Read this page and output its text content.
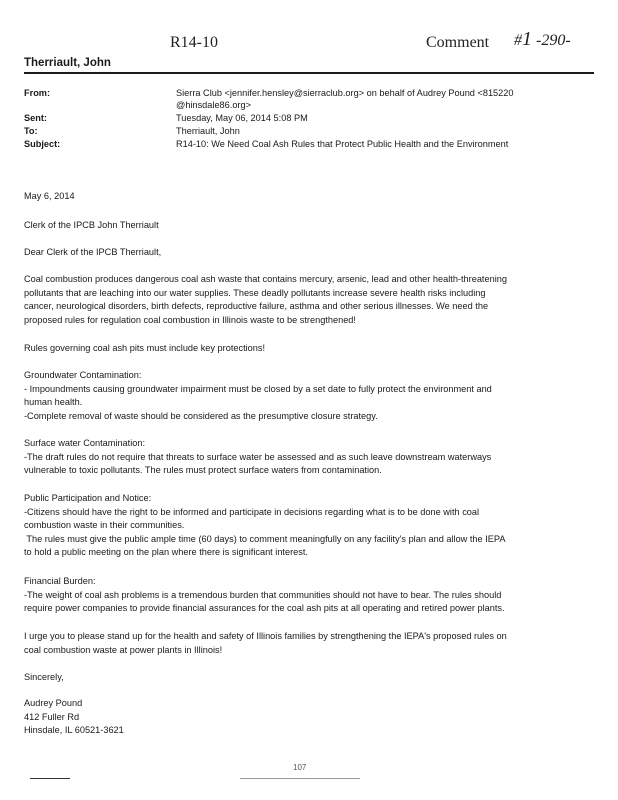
R14-10	Comment #1 -290-
Therriault, John
From:	Sierra Club <jennifer.hensley@sierraclub.org> on behalf of Audrey Pound <815220
@hinsdale86.org>
Sent:	Tuesday, May 06, 2014 5:08 PM
To:	Therriault, John
Subject:	R14-10: We Need Coal Ash Rules that Protect Public Health and the Environment
May 6, 2014
Clerk of the IPCB John Therriault
Dear Clerk of the IPCB Therriault,

Coal combustion produces dangerous coal ash waste that contains mercury, arsenic, lead and other health-threatening

pollutants that are leaching into our water supplies. These deadly pollutants increase severe health risks including

cancer, neurological disorders, birth defects, reproductive failure, asthma and other serious illnesses. We need the

proposed rules for regulation coal combustion in Illinois waste to be strengthened!

Rules governing coal ash pits must include key protections!

Groundwater Contamination:

- Impoundments causing groundwater impairment must be closed by a set date to fully protect the environment and

human health.

-Complete removal of waste should be considered as the presumptive closure strategy.

Surface water Contamination:

-The draft rules do not require that threats to surface water be assessed and as such leave downstream waterways

vulnerable to toxic pollutants. The rules must protect surface waters from contamination.

Public Participation and Notice:

-Citizens should have the right to be informed and participate in decisions regarding what is to be done with coal

combustion waste in their communities.

The rules must give the public ample time (60 days) to comment meaningfully on any facility's plan and allow the IEPA

to hold a public meeting on the plan where there is significant interest.

Financial Burden:

-The weight of coal ash problems is a tremendous burden that communities should not have to bear. The rules should

require power companies to provide financial assurances for the coal ash pits at all operating and retired power plants.

I urge you to please stand up for the health and safety of Illinois families by strengthening the IEPA's proposed rules on

coal combustion waste at power plants in Illinois!

Sincerely,

Audrey Pound

412 Fuller Rd

Hinsdale, IL 60521-3621

107
